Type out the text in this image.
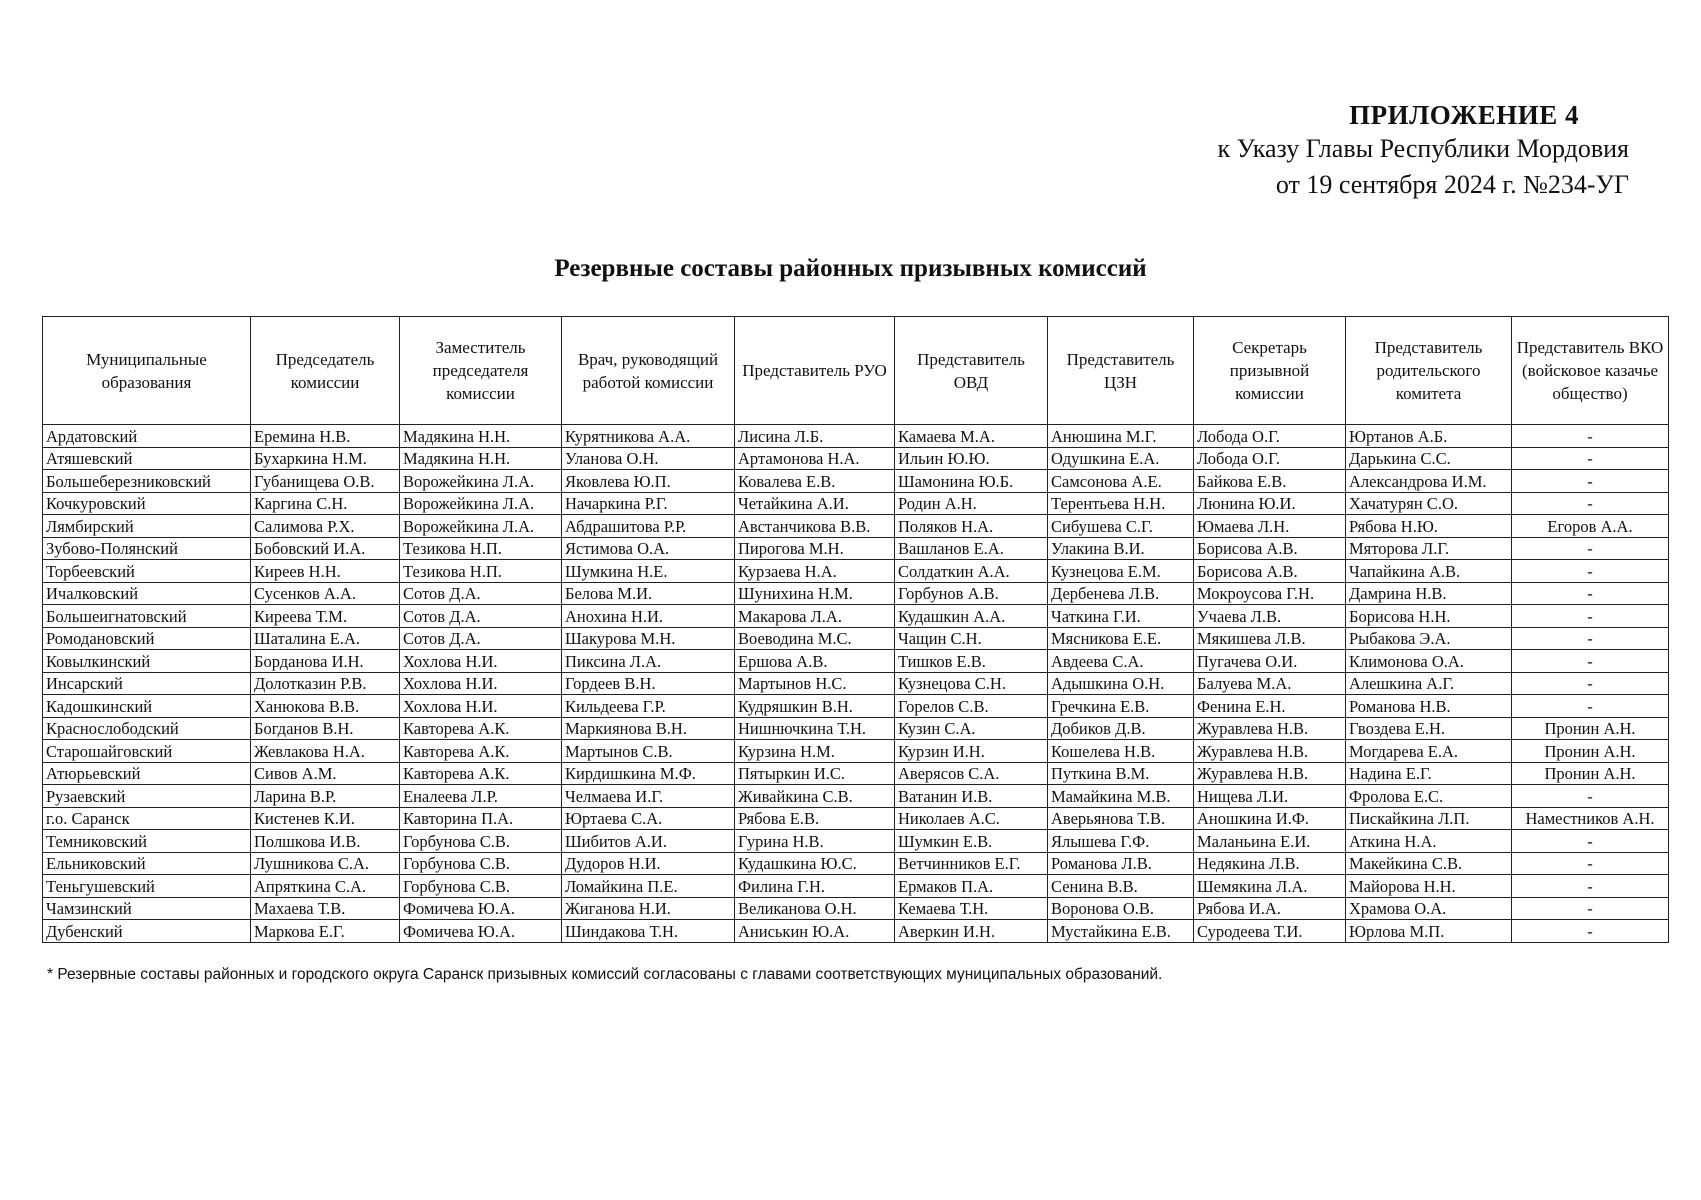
ПРИЛОЖЕНИЕ 4
к Указу Главы Республики Мордовия
от 19 сентября 2024 г. №234-УГ
Резервные составы районных призывных комиссий
Муниципальные образования	Председатель комиссии	Заместитель председателя комиссии	Врач, руководящий работой комиссии	Представитель РУО	Представитель ОВД	Представитель ЦЗН	Секретарь призывной комиссии	Представитель родительского комитета	Представитель ВКО (войсковое казачье общество)
Ардатовский	Еремина Н.В.	Мадякина Н.Н.	Курятникова А.А.	Лисина Л.Б.	Камаева М.А.	Анюшина М.Г.	Лобода О.Г.	Юртанов А.Б.	-
Атяшевский	Бухаркина Н.М.	Мадякина Н.Н.	Уланова О.Н.	Артамонова Н.А.	Ильин Ю.Ю.	Одушкина Е.А.	Лобода О.Г.	Дарькина С.С.	-
Большеберезниковский	Губанищева О.В.	Ворожейкина Л.А.	Яковлева Ю.П.	Ковалева Е.В.	Шамонина Ю.Б.	Самсонова А.Е.	Байкова Е.В.	Александрова И.М.	-
Кочкуровский	Каргина С.Н.	Ворожейкина Л.А.	Начаркина Р.Г.	Четайкина А.И.	Родин А.Н.	Терентьева Н.Н.	Люнина Ю.И.	Хачатурян С.О.	-
Лямбирский	Салимова Р.Х.	Ворожейкина Л.А.	Абдрашитова Р.Р.	Австанчикова В.В.	Поляков Н.А.	Сибушева С.Г.	Юмаева Л.Н.	Рябова Н.Ю.	Егоров А.А.
Зубово-Полянский	Бобовский И.А.	Тезикова Н.П.	Ястимова О.А.	Пирогова М.Н.	Вашланов Е.А.	Улакина В.И.	Борисова А.В.	Мяторова Л.Г.	-
Торбеевский	Киреев Н.Н.	Тезикова Н.П.	Шумкина Н.Е.	Курзаева Н.А.	Солдаткин А.А.	Кузнецова Е.М.	Борисова А.В.	Чапайкина А.В.	-
Ичалковский	Сусенков А.А.	Сотов Д.А.	Белова М.И.	Шунихина Н.М.	Горбунов А.В.	Дербенева Л.В.	Мокроусова Г.Н.	Дамрина Н.В.	-
Большеигнатовский	Киреева Т.М.	Сотов Д.А.	Анохина Н.И.	Макарова Л.А.	Кудашкин А.А.	Чаткина Г.И.	Учаева Л.В.	Борисова Н.Н.	-
Ромодановский	Шаталина Е.А.	Сотов Д.А.	Шакурова М.Н.	Воеводина М.С.	Чащин С.Н.	Мясникова Е.Е.	Мякишева Л.В.	Рыбакова Э.А.	-
Ковылкинский	Борданова И.Н.	Хохлова Н.И.	Пиксина Л.А.	Ершова А.В.	Тишков Е.В.	Авдеева С.А.	Пугачева О.И.	Климонова О.А.	-
Инсарский	Долотказин Р.В.	Хохлова Н.И.	Гордеев В.Н.	Мартынов Н.С.	Кузнецова С.Н.	Адышкина О.Н.	Балуева М.А.	Алешкина А.Г.	-
Кадошкинский	Ханюкова В.В.	Хохлова Н.И.	Кильдеева Г.Р.	Кудряшкин В.Н.	Горелов С.В.	Гречкина Е.В.	Фенина Е.Н.	Романова Н.В.	-
Краснослободский	Богданов В.Н.	Кавторева А.К.	Маркиянова В.Н.	Нишнючкина Т.Н.	Кузин С.А.	Добиков Д.В.	Журавлева Н.В.	Гвоздева Е.Н.	Пронин А.Н.
Старошайговский	Жевлакова Н.А.	Кавторева А.К.	Мартынов С.В.	Курзина Н.М.	Курзин И.Н.	Кошелева Н.В.	Журавлева Н.В.	Могдарева Е.А.	Пронин А.Н.
Атюрьевский	Сивов А.М.	Кавторева А.К.	Кирдишкина М.Ф.	Пятыркин И.С.	Аверясов С.А.	Путкина В.М.	Журавлева Н.В.	Надина Е.Г.	Пронин А.Н.
Рузаевский	Ларина В.Р.	Еналеева Л.Р.	Челмаева И.Г.	Живайкина С.В.	Ватанин И.В.	Мамайкина М.В.	Нищева Л.И.	Фролова Е.С.	-
г.о. Саранск	Кистенев К.И.	Кавторина П.А.	Юртаева С.А.	Рябова Е.В.	Николаев А.С.	Аверьянова Т.В.	Аношкина И.Ф.	Пискайкина Л.П.	Наместников А.Н.
Темниковский	Полшкова И.В.	Горбунова С.В.	Шибитов А.И.	Гурина Н.В.	Шумкин Е.В.	Ялышева Г.Ф.	Маланьина Е.И.	Аткина Н.А.	-
Ельниковский	Лушникова С.А.	Горбунова С.В.	Дудоров Н.И.	Кудашкина Ю.С.	Ветчинников Е.Г.	Романова Л.В.	Недякина Л.В.	Макейкина С.В.	-
Теньгушевский	Апряткина С.А.	Горбунова С.В.	Ломайкина П.Е.	Филина Г.Н.	Ермаков П.А.	Сенина В.В.	Шемякина Л.А.	Майорова Н.Н.	-
Чамзинский	Махаева Т.В.	Фомичева Ю.А.	Жиганова Н.И.	Великанова О.Н.	Кемаева Т.Н.	Воронова О.В.	Рябова И.А.	Храмова О.А.	-
Дубенский	Маркова Е.Г.	Фомичева Ю.А.	Шиндакова Т.Н.	Аниськин Ю.А.	Аверкин И.Н.	Мустайкина Е.В.	Суродеева Т.И.	Юрлова М.П.	-
* Резервные составы районных и городского округа Саранск призывных комиссий согласованы с главами соответствующих муниципальных образований.
